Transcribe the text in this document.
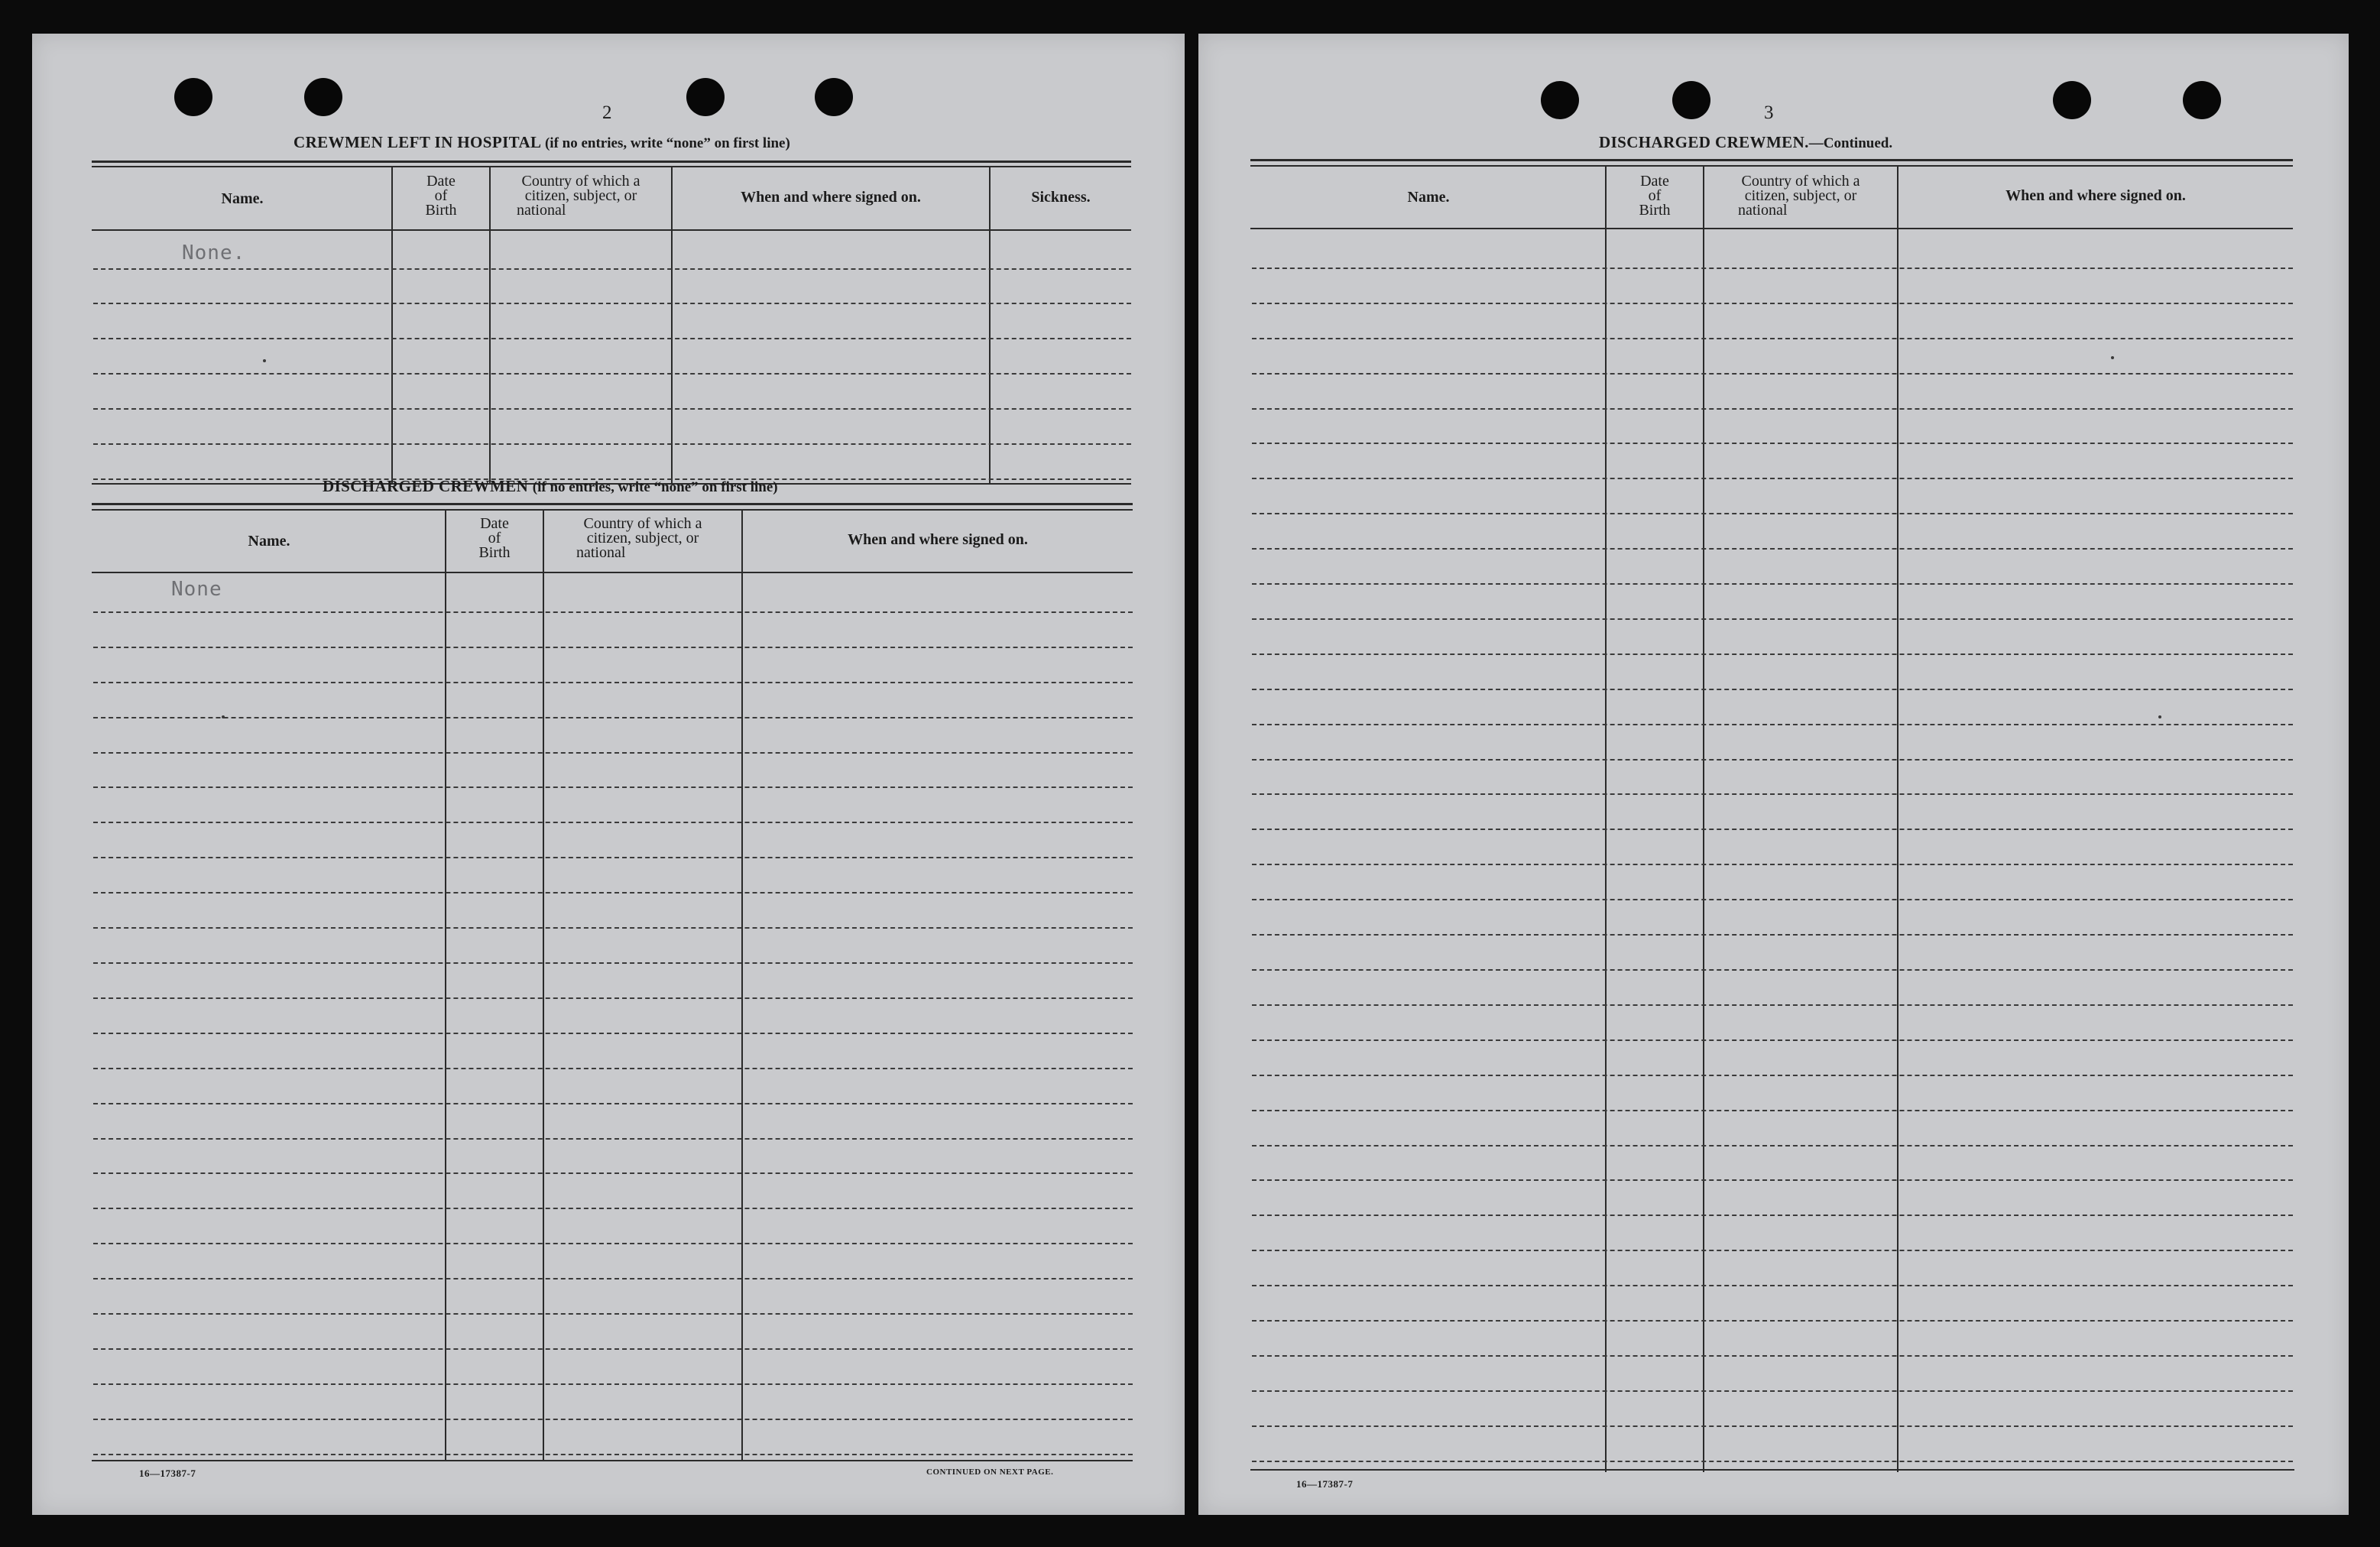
2
CREWMEN LEFT IN HOSPITAL (if no entries, write “none” on first line)
Name.
Date
of
Birth
Country of which a
citizen, subject, or
national
When and where signed on.	Sickness.
None.
DISCHARGED CREWMEN (if no entries, write “none” on first line)
Name.
Date
of
Birth
Country of which a
citizen, subject, or
national
When and where signed on.
None
16—17387-7	CONTINUED ON NEXT PAGE.
3
DISCHARGED CREWMEN.—Continued.
Name.
Date
of
Birth
Country of which a
citizen, subject, or
national
When and where signed on.
16—17387-7
